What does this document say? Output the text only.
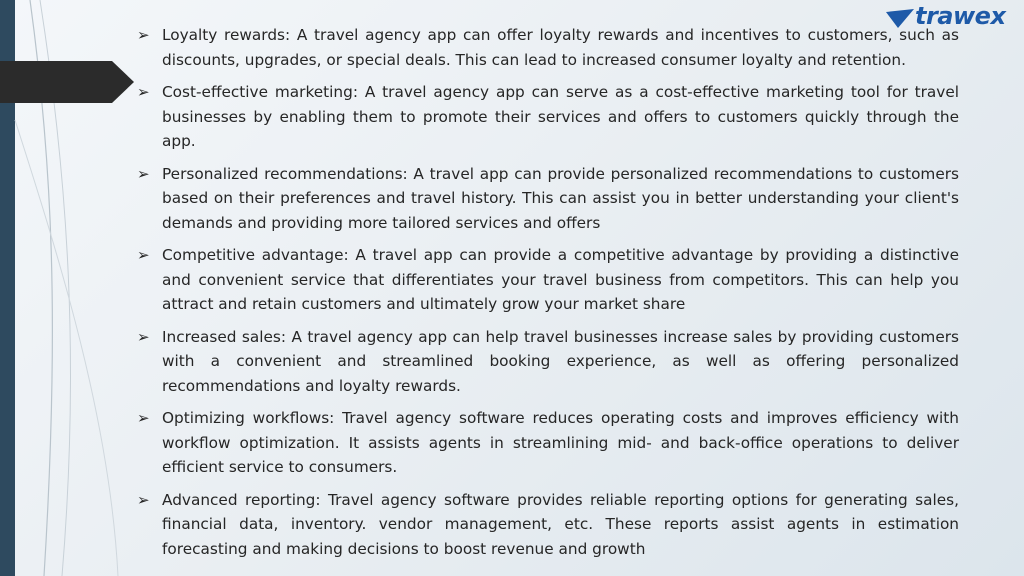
trawex
➢ Loyalty rewards: A travel agency app can offer loyalty rewards and incentives to customers, such as discounts, upgrades, or special deals. This can lead to increased consumer loyalty and retention.
➢ Cost-effective marketing: A travel agency app can serve as a cost-effective marketing tool for travel businesses by enabling them to promote their services and offers to customers quickly through the app.
➢ Personalized recommendations: A travel app can provide personalized recommendations to customers based on their preferences and travel history. This can assist you in better understanding your client's demands and providing more tailored services and offers
➢ Competitive advantage: A travel app can provide a competitive advantage by providing a distinctive and convenient service that differentiates your travel business from competitors. This can help you attract and retain customers and ultimately grow your market share
➢ Increased sales: A travel agency app can help travel businesses increase sales by providing customers with a convenient and streamlined booking experience, as well as offering personalized recommendations and loyalty rewards.
➢ Optimizing workflows: Travel agency software reduces operating costs and improves efficiency with workflow optimization. It assists agents in streamlining mid- and back-office operations to deliver efficient service to consumers.
➢ Advanced reporting: Travel agency software provides reliable reporting options for generating sales, financial data, inventory. vendor management, etc. These reports assist agents in estimation forecasting and making decisions to boost revenue and growth
